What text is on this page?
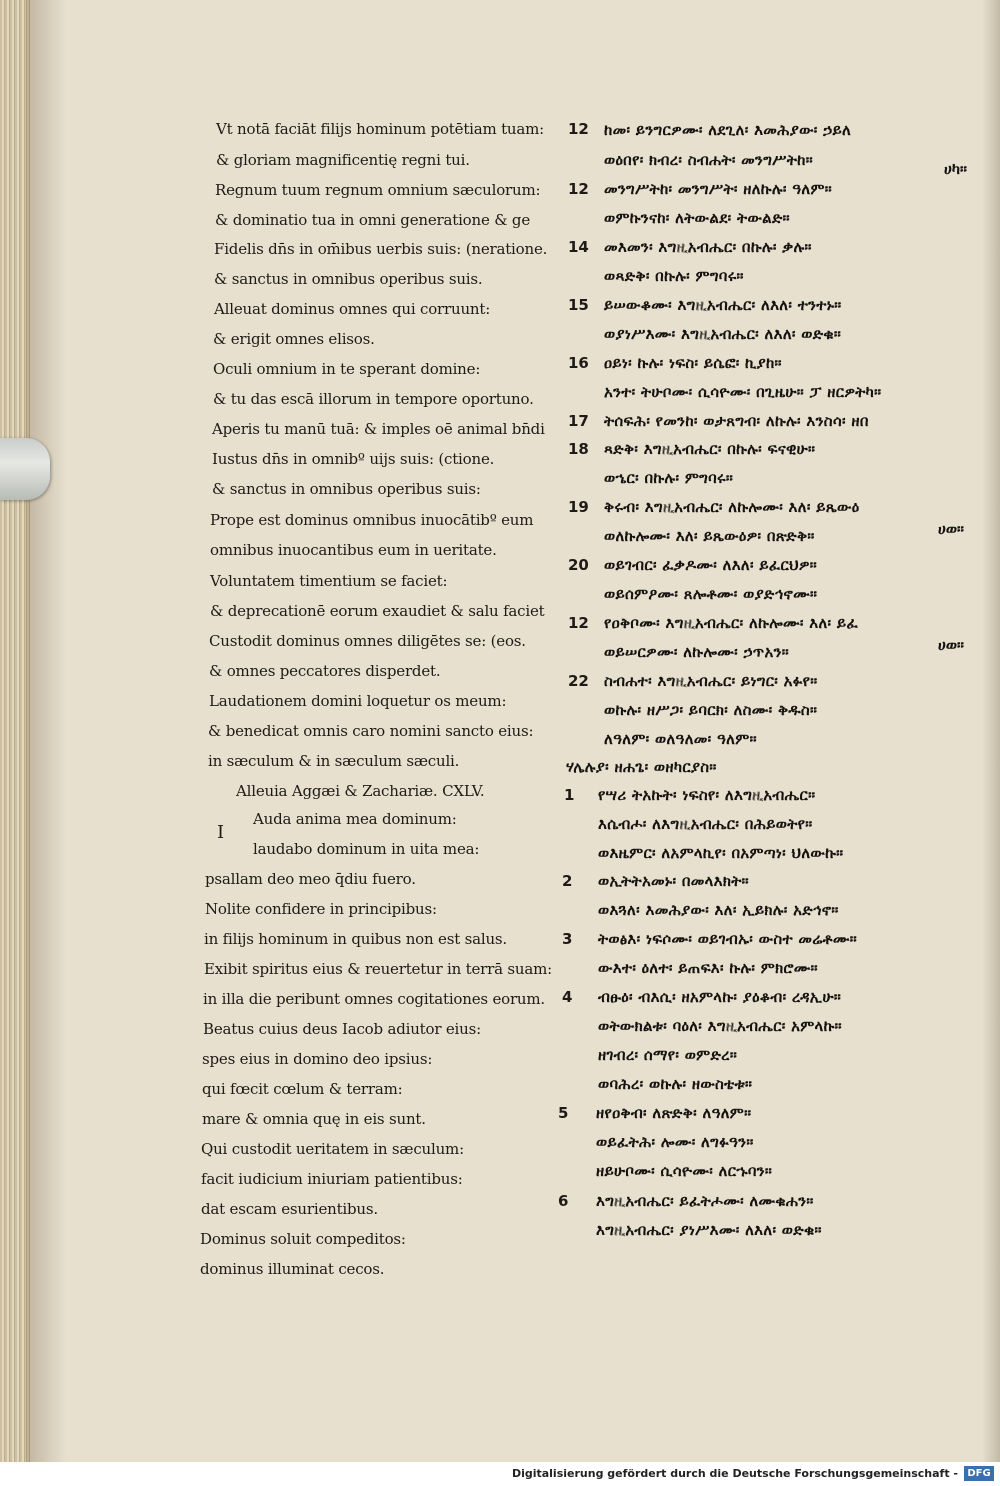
Vt notā faciāt filijs hominum potētiam tuam:
& gloriam magnificentię regni tui.
Regnum tuum regnum omnium sæculorum:
& dominatio tua in omni generatione & ge
Fidelis dn̄s in om̄ibus uerbis suis: (neratione.
& sanctus in omnibus operibus suis.
Alleuat dominus omnes qui corruunt:
& erigit omnes elisos.
Oculi omnium in te sperant domine:
& tu das escā illorum in tempore oportuno.
Aperis tu manū tuā: & imples oē animal bn̄di
Iustus dn̄s in omnibº uijs suis: (ctione.
& sanctus in omnibus operibus suis:
Prope est dominus omnibus inuocātibº eum
omnibus inuocantibus eum in ueritate.
Voluntatem timentium se faciet:
& deprecationē eorum exaudiet & salu faciet
Custodit dominus omnes diligētes se: (eos.
& omnes peccatores disperdet.
Laudationem domini loquetur os meum:
& benedicat omnis caro nomini sancto eius:
in sæculum & in sæculum sæculi.
Alleuia Aggæi & Zachariæ. CXLV.
Auda anima mea dominum:
I
laudabo dominum in uita mea:
psallam deo meo q̄diu fuero.
Nolite confidere in principibus:
in filijs hominum in quibus non est salus.
Exibit spiritus eius & reuertetur in terrā suam:
in illa die peribunt omnes cogitationes eorum.
Beatus cuius deus Iacob adiutor eius:
spes eius in domino deo ipsius:
qui fœcit cœlum & terram:
mare & omnia quę in eis sunt.
Qui custodit ueritatem in sæculum:
facit iudicium iniuriam patientibus:
dat escam esurientibus.
Dominus soluit compeditos:
dominus illuminat cecos.
12
12
14
15
16
17
18
19
20
12
22
1
2
3
4
5
6
ከመ፡ ይንግርዎሙ፡ ለደጊለ፡ እመሕያው፡ ኃይለ
ወዕበየ፡ ክብረ፡ ስብሐት፡ መንግሥትከ።
መንግሥትከ፡ መንግሥት፡ ዘለኩሉ፡ ዓለም።
ወምኩንናከ፡ ለትውልደ፡ ትውልድ።
መእመን፡ እግዚአብሔር፡ በኩሉ፡ ቃሉ።
ወጻድቅ፡ በኩሉ፡ ምግባሩ።
ይሠውቆሙ፡ እግዚአብሔር፡ ለእለ፡ ተንተኑ።
ወያነሥእሙ፡ እግዚአብሔር፡ ለእለ፡ ወድቁ።
ዐይነ፡ ኩሉ፡ ነፍስ፡ ይሴፎ፡ ኪያከ።
አንተ፡ ትሁቦሙ፡ ሲሳዮሙ፡ በጊዜሁ። ፓ ዘርዎትካ።
ትሰፍሕ፡ የመንከ፡ ወታጸግብ፡ ለኩሉ፡ እንስሳ፡ ዘበ
ጻድቅ፡ እግዚአብሔር፡ በኩሉ፡ ፍናዊሁ።
ወኄር፡ በኩሉ፡ ምግባሩ።
ቅሩብ፡ እግዚአብሔር፡ ለኩሎሙ፡ እለ፡ ይጼውዕ
ወለኩሎሙ፡ እለ፡ ይጼውዕዎ፡ በጽድቅ።
ወይገብር፡ ፈቃዶሙ፡ ለእለ፡ ይፈርህዎ።
ወይሰምዖሙ፡ ጸሎቶሙ፡ ወያድኅኖሙ።
የዐቅቦሙ፡ እግዚአብሔር፡ ለኩሎሙ፡ እለ፡ ይፈ
ወይሠርዎሙ፡ ለኩሎሙ፡ ኃጥአን።
ስብሐተ፡ እግዚአብሔር፡ ይነግር፡ አፉየ።
ወኩሉ፡ ዘሥጋ፡ ይባርክ፡ ለስሙ፡ ቅዱስ።
ለዓለም፡ ወለዓለመ፡ ዓለም።
ሃሌሉያ፡ ዘሐጌ፡ ወዘካርያስ።
የሣሪ ትአኩት፡ ነፍስየ፡ ለእግዚአብሔር።
እሴብሖ፡ ለእግዚአብሔር፡ በሕይወትየ።
ወእዜምር፡ ለአምላኪየ፡ በአምጣነ፡ ህለውኩ።
ወኢትትአመኑ፡ በመላእክት።
ወእጓለ፡ እመሕያው፡ እለ፡ ኢይክሉ፡ አድኅኖ።
ትወፅእ፡ ነፍሶሙ፡ ወይገብኡ፡ ውስተ መሬቶሙ።
ውእተ፡ ዕለተ፡ ይጠፍእ፡ ኩሉ፡ ምክሮሙ።
ብፁዕ፡ ብእሲ፡ ዘአምላኩ፡ ያዕቆብ፡ ረዳኢሁ።
ወትውክልቱ፡ ባዕለ፡ እግዚአብሔር፡ አምላኩ።
ዘገብረ፡ ሰማየ፡ ወምድረ።
ወባሕረ፡ ወኩሉ፡ ዘውስቴቱ።
ዘየዐቅብ፡ ለጽድቅ፡ ለዓለም።
ወይፈትሕ፡ ሎሙ፡ ለግፉዓን።
ዘይሁቦሙ፡ ሲሳዮሙ፡ ለርኁባን።
እግዚአብሔር፡ ይፈትሖሙ፡ ለሙቁሐን።
እግዚአብሔር፡ ያነሥእሙ፡ ለእለ፡ ወድቁ።
ሀካ።
ሀወ።
ሀወ።
Digitalisierung gefördert durch die Deutsche Forschungsgemeinschaft - DFG
